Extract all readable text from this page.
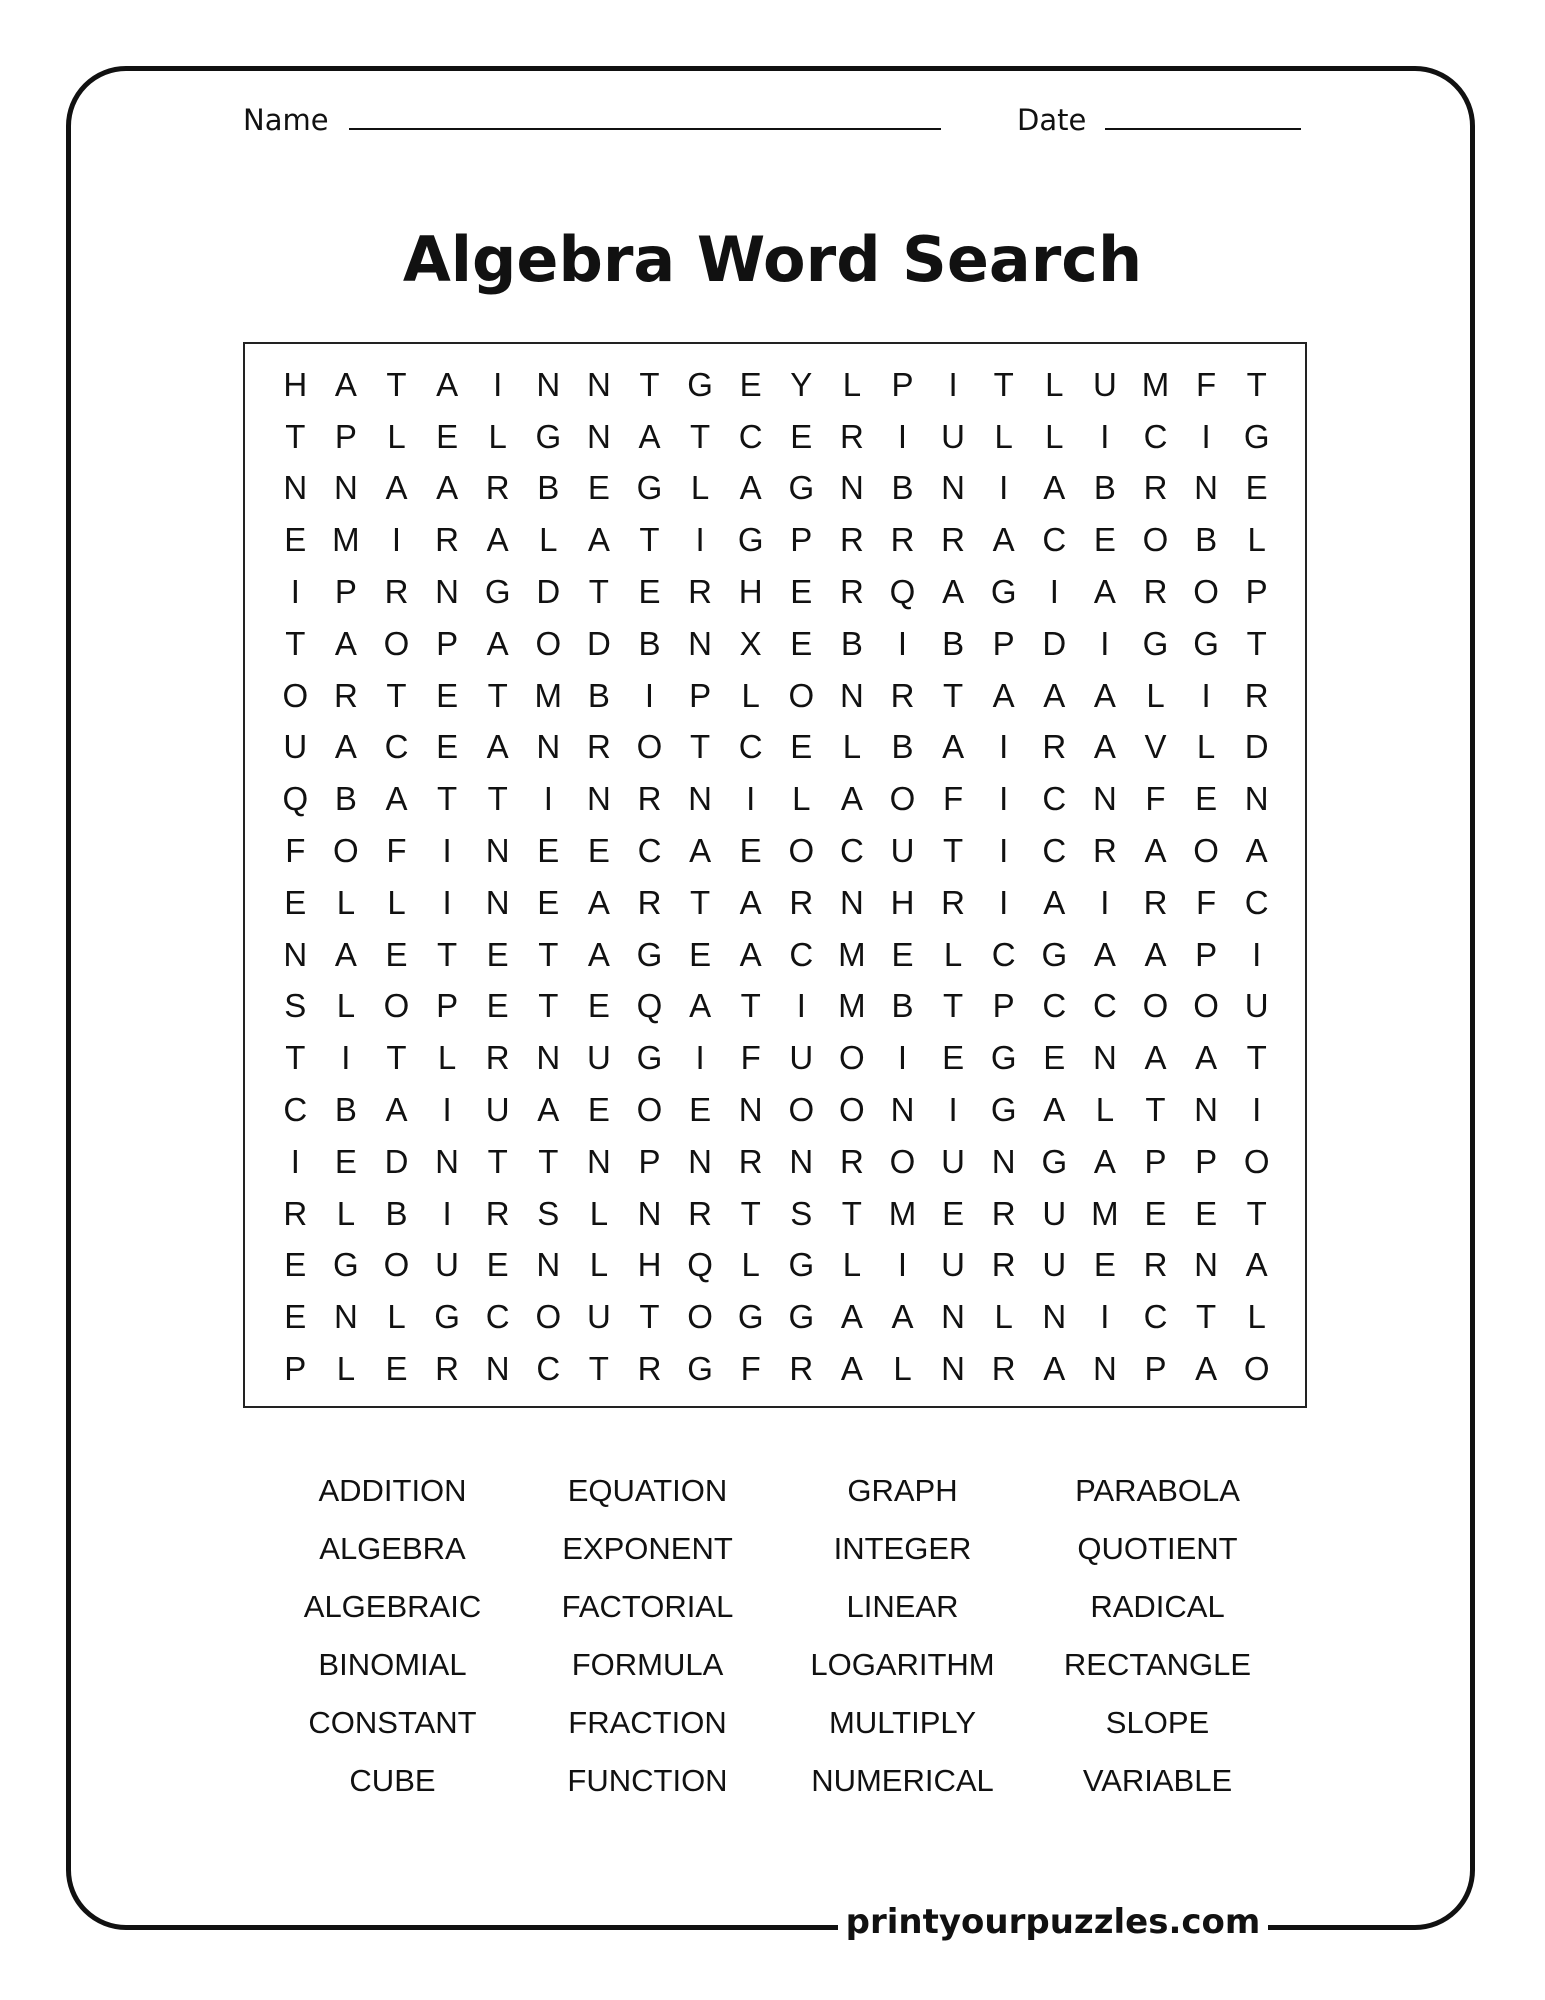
printyourpuzzles.com
Name	Date
Algebra Word Search
H A T A	I	N N T G E Y L P	I	T L U M F T
T P L E L G N A T C E R	I	U L L	I	C	I	G
N N A A R B E G L A G N B N	I	A B R N E
E M I	R A L A T	I	G P R R R A C E O B L
I	P R N G D T E R H E R Q A G	I	A R O P
T A O P A O D B N X E B	I	B P D	I	G G T
O R T E T M B	I	P L O N R T A A A L	I	R
U A C E A N R O T C E L B A	I	R A V L D
Q B A T T	I	N R N	I	L A O F	I	C N F E N
F O F	I	N E E C A E O C U T	I	C R A O A
E L L	I	N E A R T A R N H R	I	A	I	R F C
N A E T E T A G E A C M E L C G A A P	I
S L O P E T E Q A T	I M B T P C C O O U
T	I	T L R N U G	I	F U O	I	E G E N A A T
C B A	I	U A E O E N O O N	I	G A L T N	I
I	E D N T T N P N R N R O U N G A P P O
R L B	I	R S L N R T S T M E R U M E E T
E G O U E N L H Q L G L	I	U R U E R N A
E N L G C O U T O G G A A N L N	I	C T L
P L E R N C T R G F R A L N R A N P A O
ADDITION	EQUATION	GRAPH	PARABOLA
ALGEBRA	EXPONENT	INTEGER	QUOTIENT
ALGEBRAIC	FACTORIAL	LINEAR	RADICAL
BINOMIAL	FORMULA	LOGARITHM	RECTANGLE
CONSTANT	FRACTION	MULTIPLY	SLOPE
CUBE	FUNCTION	NUMERICAL	VARIABLE
